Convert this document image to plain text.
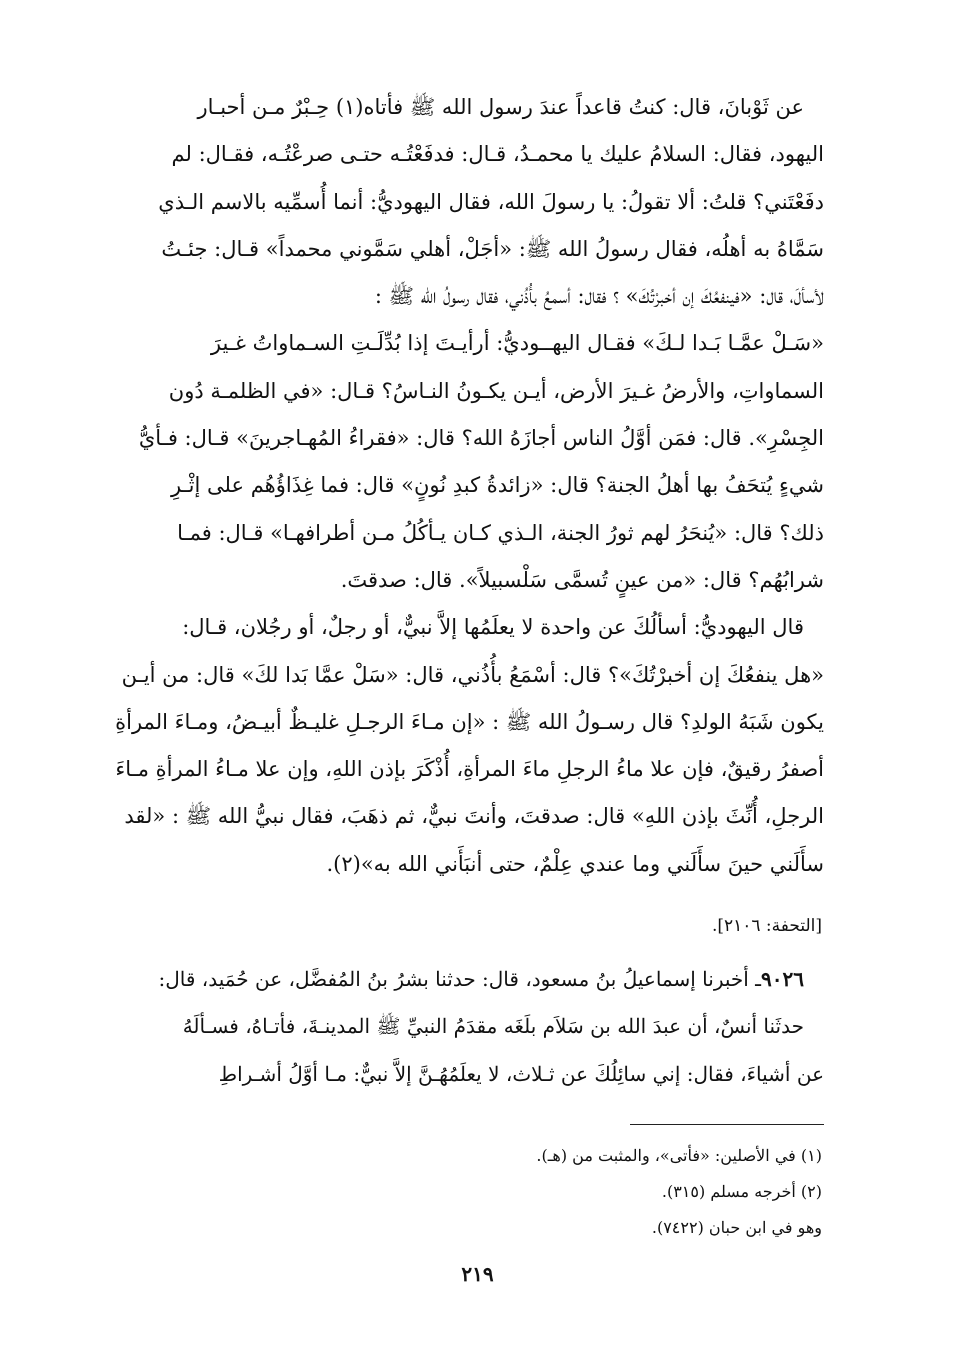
عن ثَوْبانَ، قال: كنتُ قاعداً عندَ رسول الله ﷺ فأتاه(١) حِـبْرٌ مـن أحبـار
اليهود، فقال: السلامُ عليك يا محمـدُ، قـال: فدفَعْتُـه حتـى صرعْتُـه، فقـال: لم
دفَعْتَني؟ قلتُ: ألا تقولُ: يا رسولَ الله، فقال اليهوديُّ: أنما أُسمِّيه بالاسم الـذي
سَمَّاهُ به أهلُه، فقال رسولُ الله ﷺ: «أجَلْ، أهلي سَمَّوني محمداً» قـال: جئـتُ
لأسألَ، قال: «فينفعُكَ إن أخبرْتُكَ» ؟ فقال: أسمعُ بأُذُني، فقال رسولُ الله ﷺ :
«سَـلْ عمَّـا بَـدا لـكَ» فقـال اليهــوديُّ: أرأيـتَ إذا بُدِّلَـتِ السـماواتُ غـيرَ
السماواتِ، والأرضُ غـيرَ الأرض، أيـن يكـونُ النـاسُ؟ قـال: «في الظلمـة دُون
الجِسْرِ». قال: فمَن أوَّلُ الناس أجازَهُ الله؟ قال: «فقراءُ المُهـاجرينَ» قـال: فـأيُّ
شيءٍ يُتحَفُ بها أهلُ الجنة؟ قال: «زائدةُ كبدِ نُونٍ» قال: فما غِذَاؤُهُم على إثْـرِ
ذلك؟ قال: «يُنحَرُ لهم ثورُ الجنة، الـذي كـان يـأكُلُ مـن أطرافهـا» قـال: فمـا
شرابُهُم؟ قال: «من عينٍ تُسمَّى سَلْسبيلاً». قال: صدقتَ.
قال اليهوديُّ: أسألُكَ عن واحدة لا يعلَمُها إلاَّ نبيٌّ، أو رجلٌ، أو رجُلان، قـال:
«هل ينفعُكَ إن أخبرْتُكَ»؟ قال: أسْمَعُ بأُذُني، قال: «سَلْ عمَّا بَدا لكَ» قال: من أيـن
يكون شَبَهُ الولدِ؟ قال رسـولُ الله ﷺ : «إن مـاءَ الرجـلِ غليـظٌ أبيـضُ، ومـاءَ المرأةِ
أصفرُ رقيقٌ، فإن علا ماءُ الرجلِ ماءَ المرأةِ، أُذْكَرَ بإذن اللهِ، وإن علا مـاءُ المرأةِ مـاءَ
الرجلِ، أُنِّثَ بإذن اللهِ» قال: صدقتَ، وأنتَ نبيٌّ، ثم ذهَبَ، فقال نبيُّ الله ﷺ : «لقد
سأَلَني حينَ سأَلَني وما عندي عِلْمٌ، حتى أنبَأَني الله به»(٢).
[التحفة: ٢١٠٦].
٩٠٢٦ـ أخبرنا إسماعيلُ بنُ مسعود، قال: حدثنا بشرُ بنُ المُفضَّل، عن حُمَيد، قال:
حدثَنا أنسٌ، أن عبدَ الله بن سَلاَم بلَغَه مقدَمُ النبيِّ ﷺ المدينـةَ، فأتـاهُ، فسـألَهُ
عن أشياءَ، فقال: إني سائِلُكَ عن ثـلاث، لا يعلَمُهُـنَّ إلاَّ نبيٌّ: مـا أوَّلُ أشـراطِ
(١) في الأصلين: «فأتى»، والمثبت من (هـ).
(٢) أخرجه مسلم (٣١٥).
وهو في ابن حبان (٧٤٢٢).
٢١٩
